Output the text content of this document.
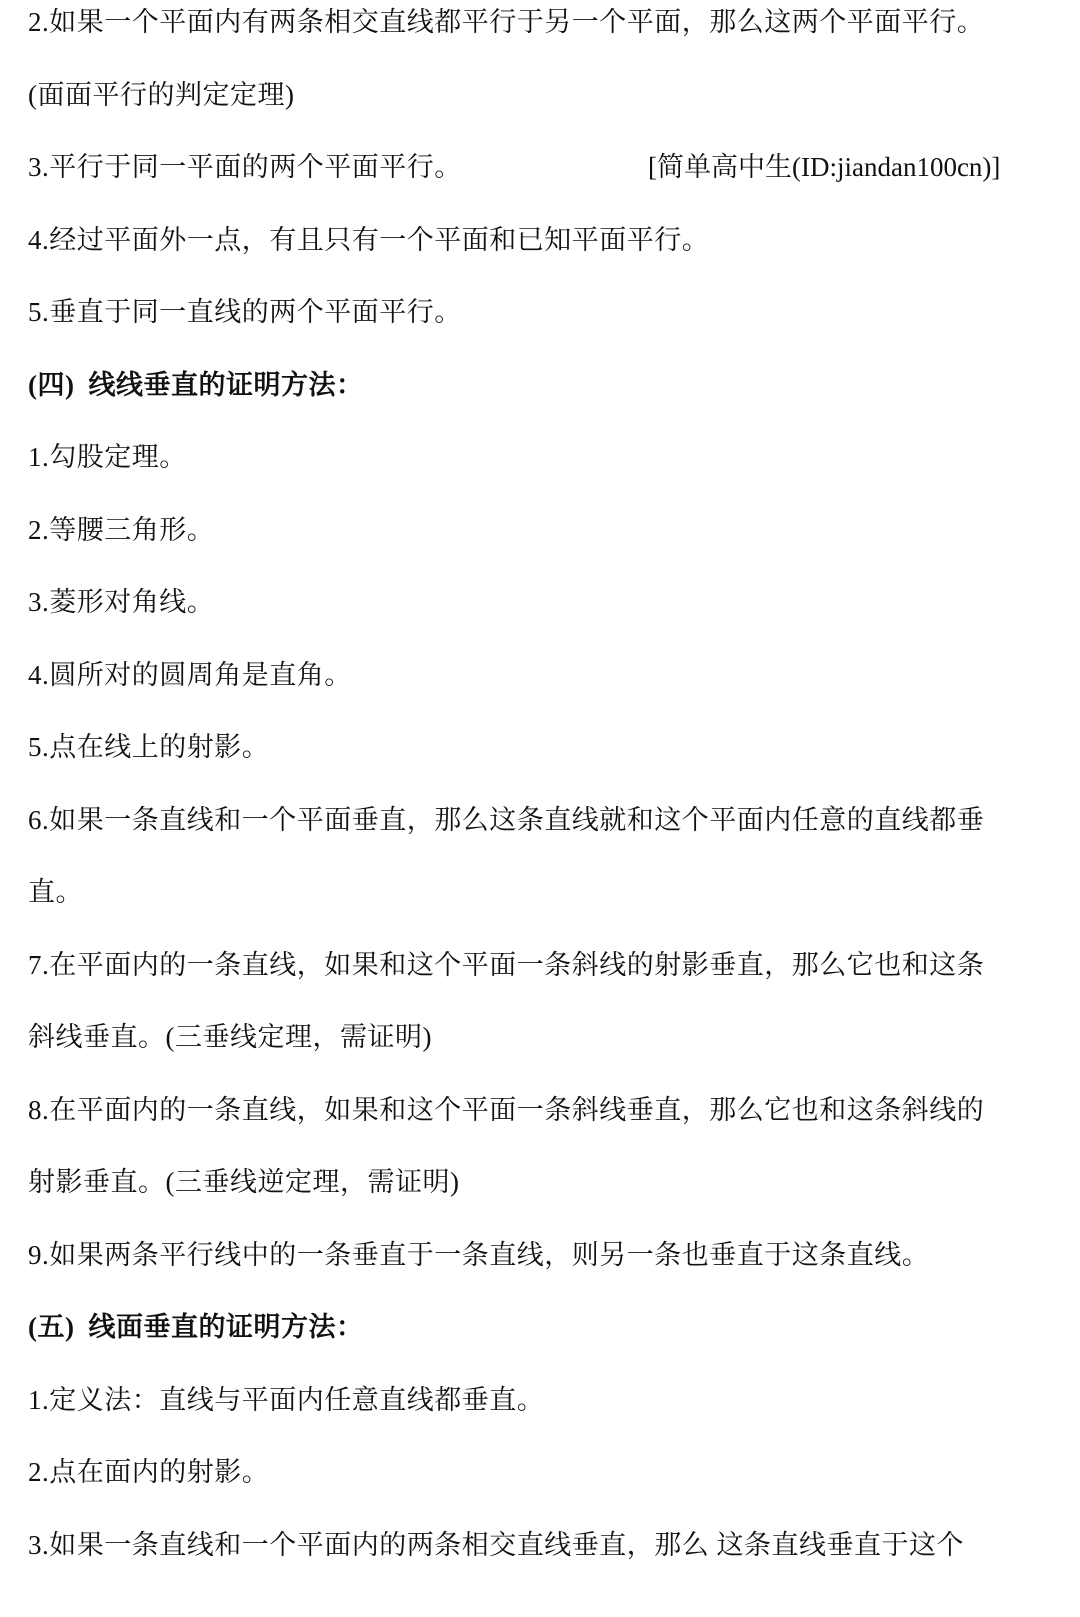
2.如果一个平面内有两条相交直线都平行于另一个平面，那么这两个平面平行。
(面面平行的判定定理)
3.平行于同一平面的两个平面平行。	[简单高中生(ID:jiandan100cn)]
4.经过平面外一点，有且只有一个平面和已知平面平行。
5.垂直于同一直线的两个平面平行。
(四) 线线垂直的证明方法：
1.勾股定理。
2.等腰三角形。
3.菱形对角线。
4.圆所对的圆周角是直角。
5.点在线上的射影。
6.如果一条直线和一个平面垂直，那么这条直线就和这个平面内任意的直线都垂
直。
7.在平面内的一条直线，如果和这个平面一条斜线的射影垂直，那么它也和这条
斜线垂直。(三垂线定理，需证明)
8.在平面内的一条直线，如果和这个平面一条斜线垂直，那么它也和这条斜线的
射影垂直。(三垂线逆定理，需证明)
9.如果两条平行线中的一条垂直于一条直线，则另一条也垂直于这条直线。
(五) 线面垂直的证明方法：
1.定义法：直线与平面内任意直线都垂直。
2.点在面内的射影。
3.如果一条直线和一个平面内的两条相交直线垂直，那么 这条直线垂直于这个
